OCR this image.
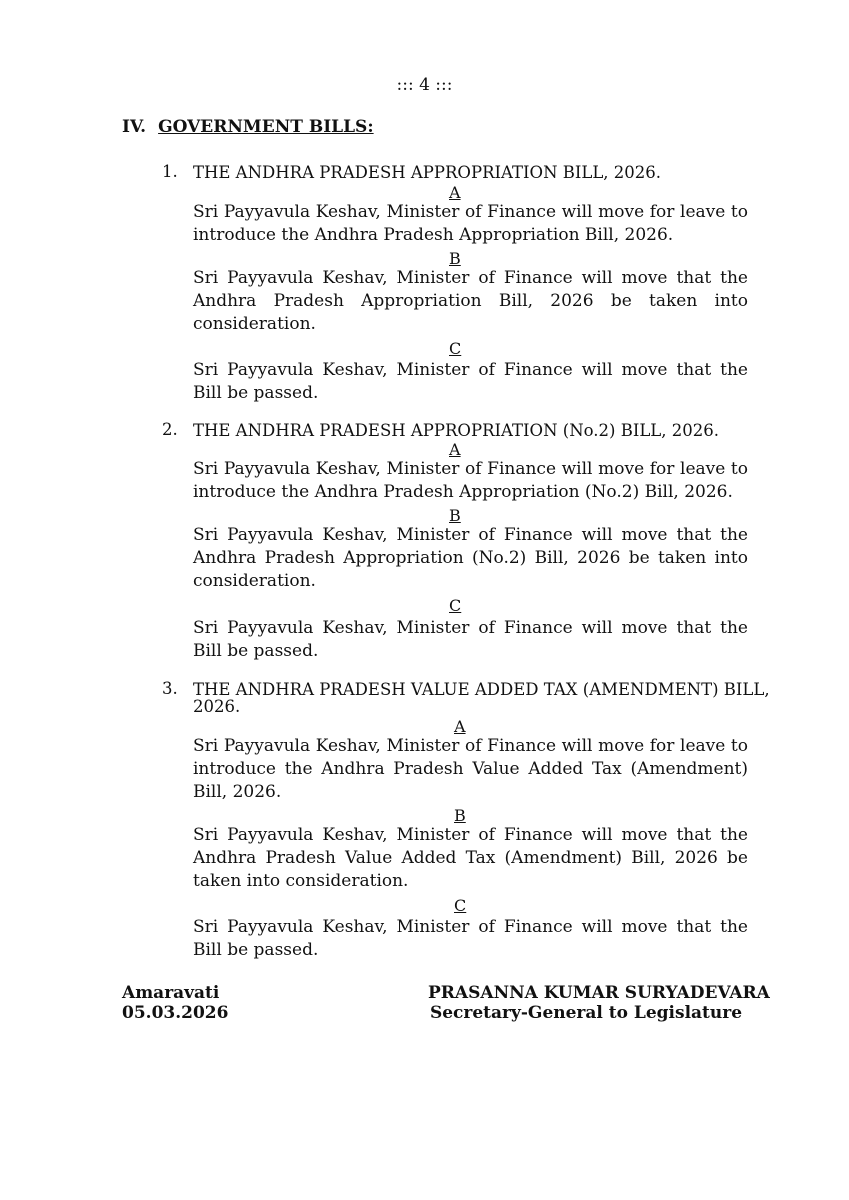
::: 4 :::
IV. GOVERNMENT BILLS:
1. THE ANDHRA PRADESH APPROPRIATION BILL, 2026.
A
Sri Payyavula Keshav, Minister of Finance will move for leave to introduce the Andhra Pradesh Appropriation Bill, 2026.
B
Sri Payyavula Keshav, Minister of Finance will move that the Andhra Pradesh Appropriation Bill, 2026 be taken into consideration.
C
Sri Payyavula Keshav, Minister of Finance will move that the Bill be passed.
2. THE ANDHRA PRADESH APPROPRIATION (No.2) BILL, 2026.
A
Sri Payyavula Keshav, Minister of Finance will move for leave to introduce the Andhra Pradesh Appropriation (No.2) Bill, 2026.
B
Sri Payyavula Keshav, Minister of Finance will move that the Andhra Pradesh Appropriation (No.2) Bill, 2026 be taken into consideration.
C
Sri Payyavula Keshav, Minister of Finance will move that the Bill be passed.
3. THE ANDHRA PRADESH VALUE ADDED TAX (AMENDMENT) BILL,
2026.
A
Sri Payyavula Keshav, Minister of Finance will move for leave to introduce the Andhra Pradesh Value Added Tax (Amendment) Bill, 2026.
B
Sri Payyavula Keshav, Minister of Finance will move that the Andhra Pradesh Value Added Tax (Amendment) Bill, 2026 be taken into consideration.
C
Sri Payyavula Keshav, Minister of Finance will move that the Bill be passed.
Amaravati
05.03.2026
PRASANNA KUMAR SURYADEVARA
Secretary-General to Legislature
